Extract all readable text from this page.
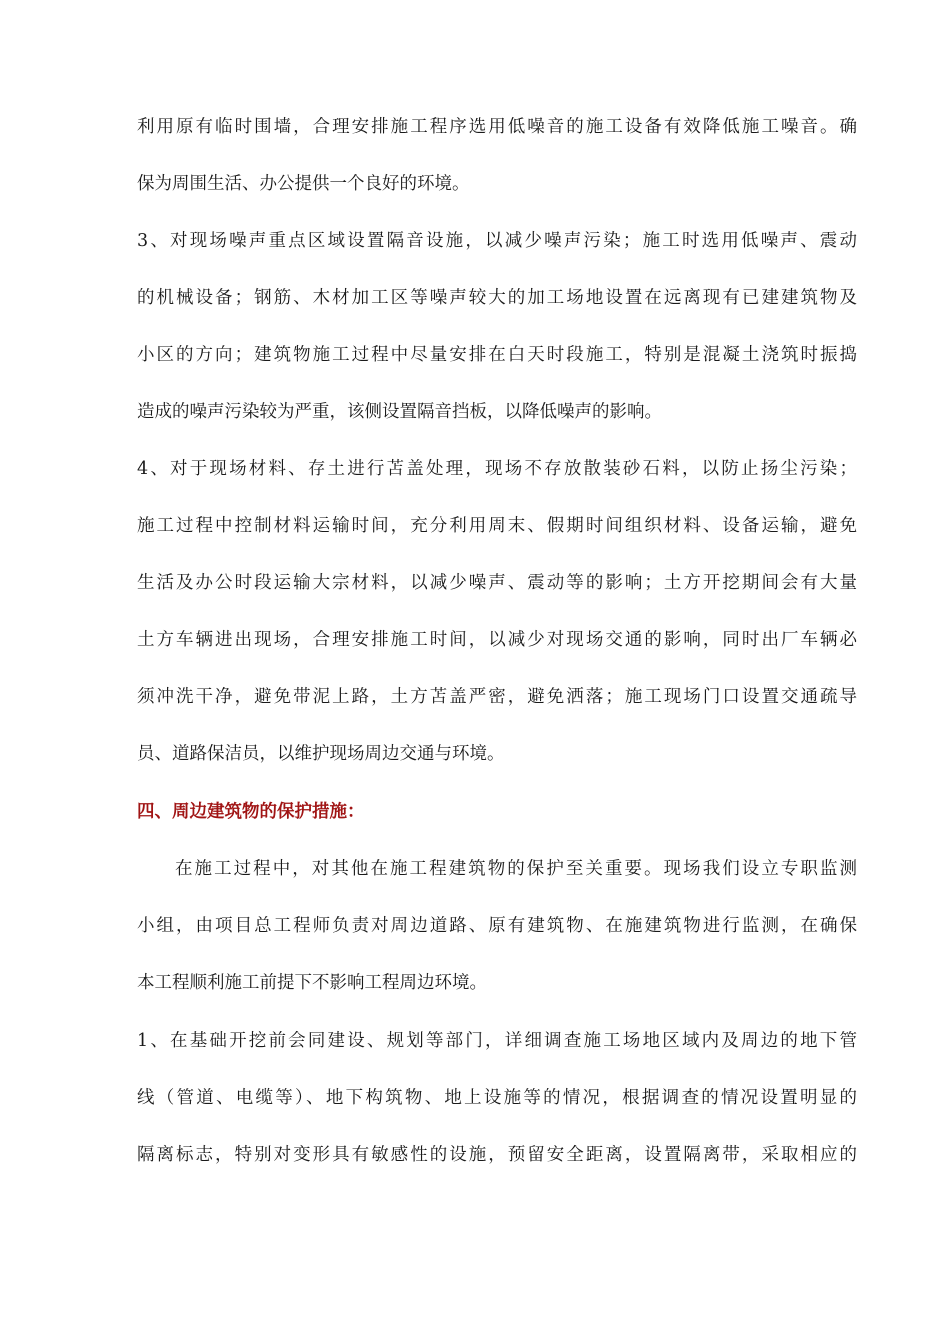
利用原有临时围墙，合理安排施工程序选用低噪音的施工设备有效降低施工噪音。确
保为周围生活、办公提供一个良好的环境。
3、对现场噪声重点区域设置隔音设施，以减少噪声污染；施工时选用低噪声、震动
的机械设备；钢筋、木材加工区等噪声较大的加工场地设置在远离现有已建建筑物及
小区的方向；建筑物施工过程中尽量安排在白天时段施工，特别是混凝土浇筑时振捣
造成的噪声污染较为严重，该侧设置隔音挡板，以降低噪声的影响。
4、对于现场材料、存土进行苫盖处理，现场不存放散装砂石料，以防止扬尘污染；
施工过程中控制材料运输时间，充分利用周末、假期时间组织材料、设备运输，避免
生活及办公时段运输大宗材料，以减少噪声、震动等的影响；土方开挖期间会有大量
土方车辆进出现场，合理安排施工时间，以减少对现场交通的影响，同时出厂车辆必
须冲洗干净，避免带泥上路，土方苫盖严密，避免洒落；施工现场门口设置交通疏导
员、道路保洁员，以维护现场周边交通与环境。
四、周边建筑物的保护措施：
在施工过程中，对其他在施工程建筑物的保护至关重要。现场我们设立专职监测
小组，由项目总工程师负责对周边道路、原有建筑物、在施建筑物进行监测，在确保
本工程顺利施工前提下不影响工程周边环境。
1、在基础开挖前会同建设、规划等部门，详细调查施工场地区域内及周边的地下管
线（管道、电缆等）、地下构筑物、地上设施等的情况，根据调查的情况设置明显的
隔离标志，特别对变形具有敏感性的设施，预留安全距离，设置隔离带，采取相应的
